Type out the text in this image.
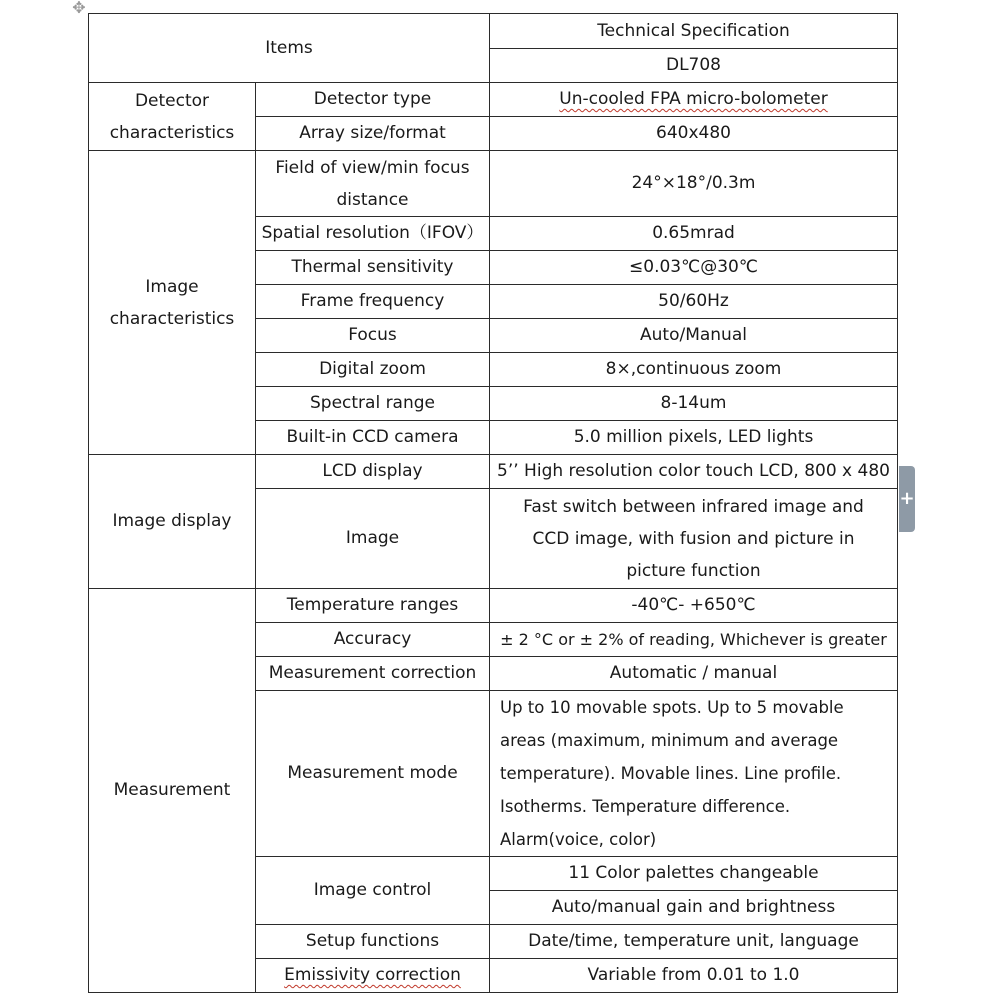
✥
Items		Technical Specification
		DL708
Detector characteristics	Detector type	Un-cooled FPA micro-bolometer
	Array size/format	640x480
Image characteristics	Field of view/min focus distance	24°×18°/0.3m
	Spatial resolution（IFOV）	0.65mrad
	Thermal sensitivity	≤0.03℃@30℃
	Frame frequency	50/60Hz
	Focus	Auto/Manual
	Digital zoom	8×,continuous zoom
	Spectral range	8-14um
	Built-in CCD camera	5.0 million pixels, LED lights
Image display	LCD display	5’’ High resolution color touch LCD, 800 x 480
	Image	Fast switch between infrared image and CCD image, with fusion and picture in picture function
Measurement	Temperature ranges	-40℃- +650℃
	Accuracy	± 2 °C or ± 2% of reading, Whichever is greater
	Measurement correction	Automatic / manual
	Measurement mode	Up to 10 movable spots. Up to 5 movable areas (maximum, minimum and average temperature). Movable lines. Line profile. Isotherms. Temperature difference. Alarm(voice, color)
	Image control	11 Color palettes changeable
		Auto/manual gain and brightness
	Setup functions	Date/time, temperature unit, language
	Emissivity correction	Variable from 0.01 to 1.0
+
